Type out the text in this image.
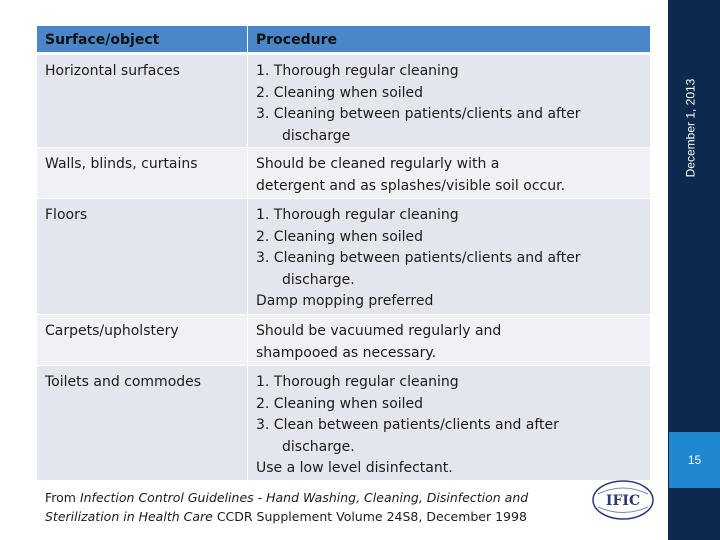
Surface/object	Procedure
Horizontal surfaces	1. Thorough regular cleaning
2. Cleaning when soiled
3. Cleaning between patients/clients and after
discharge
Walls, blinds, curtains	Should be cleaned regularly with a
detergent and as splashes/visible soil occur.
Floors	1. Thorough regular cleaning
2. Cleaning when soiled
3. Cleaning between patients/clients and after
discharge.
Damp mopping preferred
Carpets/upholstery	Should be vacuumed regularly and
shampooed as necessary.
Toilets and commodes	1. Thorough regular cleaning
2. Cleaning when soiled
3. Clean between patients/clients and after
discharge.
Use a low level disinfectant.
From Infection Control Guidelines - Hand Washing, Cleaning, Disinfection and Sterilization in Health Care CCDR Supplement Volume 24S8, December 1998
IFIC
December 1, 2013
15
